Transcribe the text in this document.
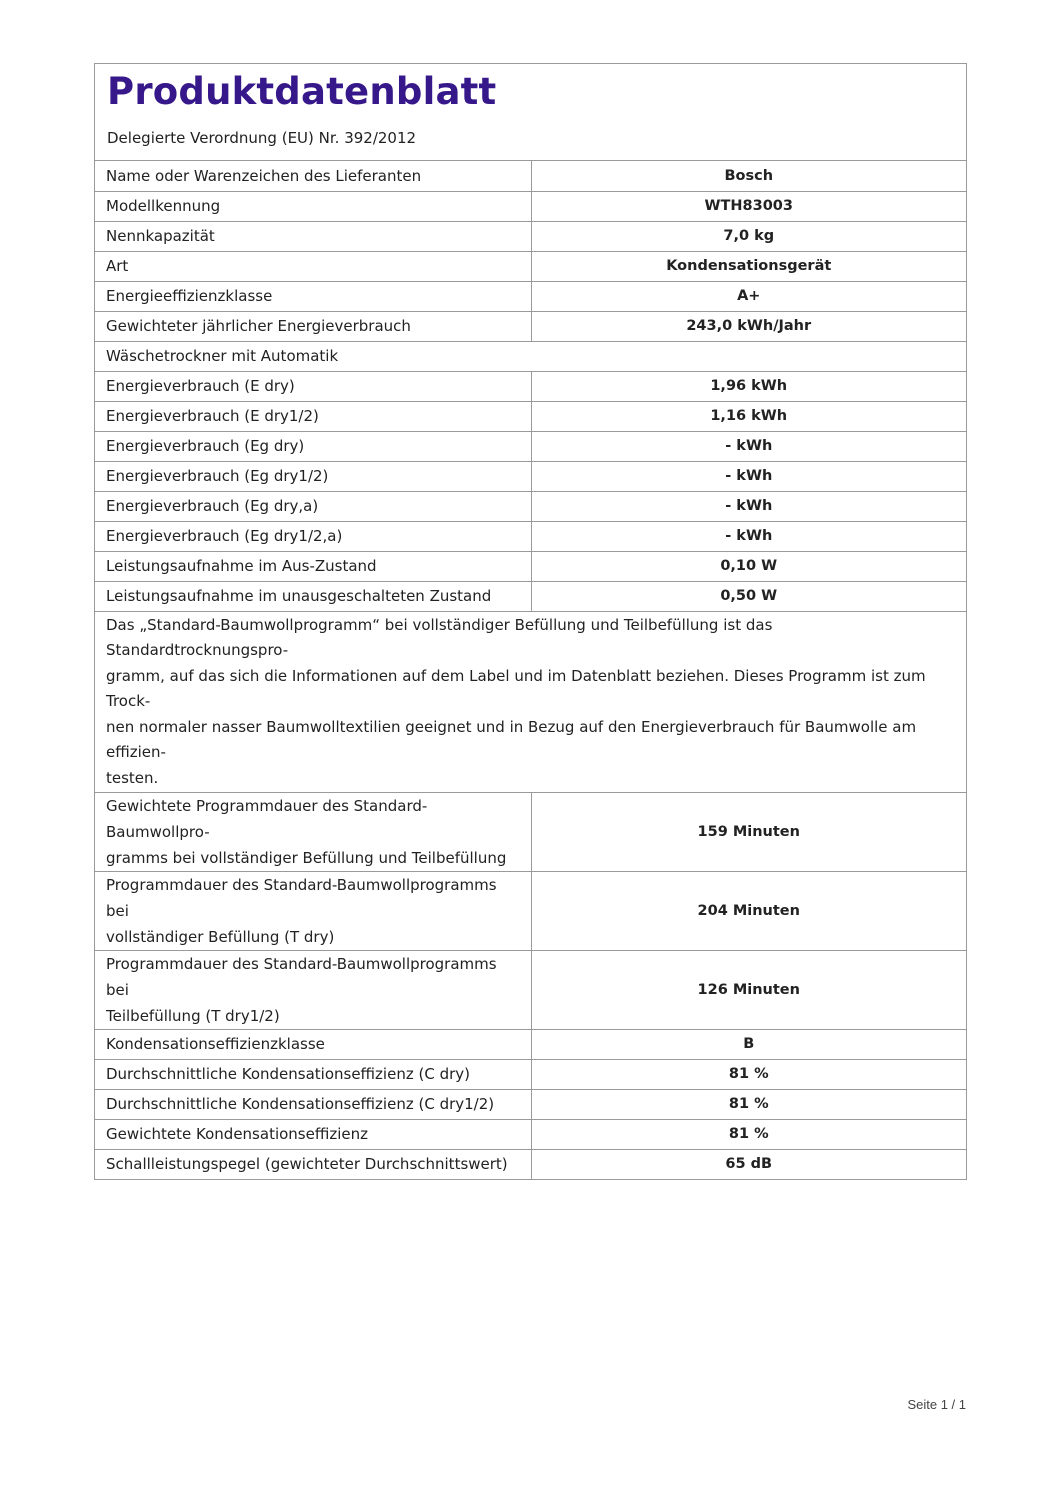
Produktdatenblatt
Delegierte Verordnung (EU) Nr. 392/2012
Name oder Warenzeichen des Lieferanten	Bosch
Modellkennung	WTH83003
Nennkapazität	7,0 kg
Art	Kondensationsgerät
Energieeffizienzklasse	A+
Gewichteter jährlicher Energieverbrauch	243,0 kWh/Jahr
Wäschetrockner mit Automatik	
Energieverbrauch (E dry)	1,96 kWh
Energieverbrauch (E dry1/2)	1,16 kWh
Energieverbrauch (Eg dry)	- kWh
Energieverbrauch (Eg dry1/2)	- kWh
Energieverbrauch (Eg dry,a)	- kWh
Energieverbrauch (Eg dry1/2,a)	- kWh
Leistungsaufnahme im Aus-Zustand	0,10 W
Leistungsaufnahme im unausgeschalteten Zustand	0,50 W

Das „Standard-Baumwollprogramm“ bei vollständiger Befüllung und Teilbefüllung ist das Standardtrocknungspro-
gramm, auf das sich die Informationen auf dem Label und im Datenblatt beziehen. Dieses Programm ist zum Trock-
nen normaler nasser Baumwolltextilien geeignet und in Bezug auf den Energieverbrauch für Baumwolle am effizien-
testen.	

Gewichtete Programmdauer des Standard-Baumwollpro-
gramms bei vollständiger Befüllung und Teilbefüllung	159 Minuten

Programmdauer des Standard-Baumwollprogramms bei
vollständiger Befüllung (T dry)	204 Minuten

Programmdauer des Standard-Baumwollprogramms bei
Teilbefüllung (T dry1/2)	126 Minuten
Kondensationseffizienzklasse	B
Durchschnittliche Kondensationseffizienz (C dry)	81 %
Durchschnittliche Kondensationseffizienz (C dry1/2)	81 %
Gewichtete Kondensationseffizienz	81 %
Schallleistungspegel (gewichteter Durchschnittswert)	65 dB
Seite 1 / 1
